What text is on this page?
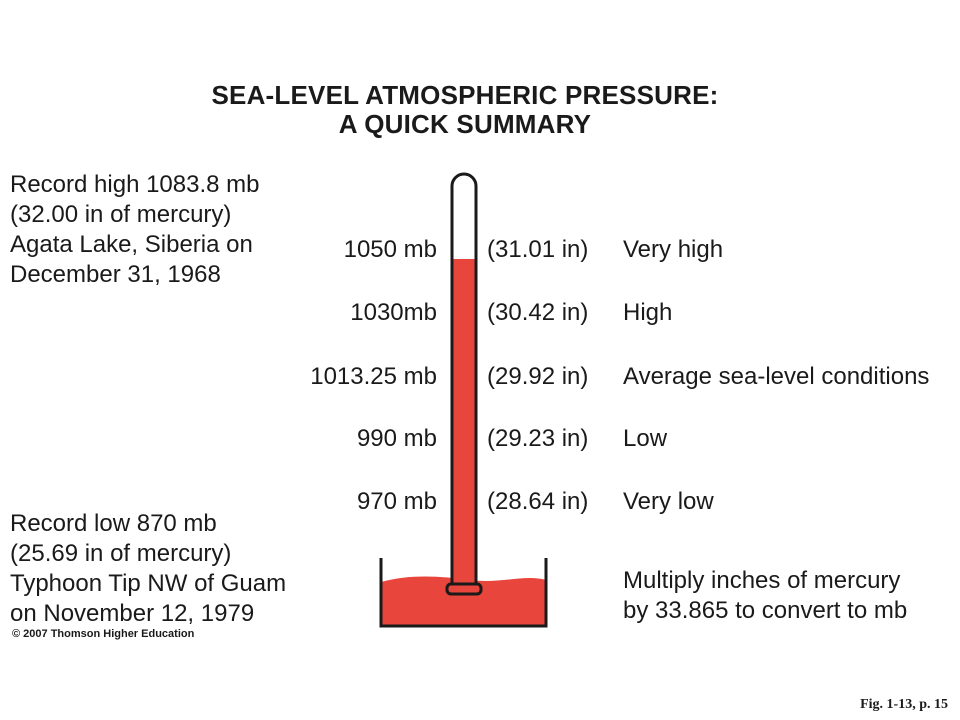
SEA-LEVEL ATMOSPHERIC PRESSURE:
A QUICK SUMMARY
Record high 1083.8 mb
(32.00 in of mercury)
Agata Lake, Siberia on
December 31, 1968
Record low 870 mb
(25.69 in of mercury)
Typhoon Tip NW of Guam
on November 12, 1979
1050 mb (31.01 in) Very high
1030mb (30.42 in) High
1013.25 mb (29.92 in) Average sea-level conditions
990 mb (29.23 in) Low
970 mb (28.64 in) Very low
Multiply inches of mercury
by 33.865 to convert to mb
© 2007 Thomson Higher Education
Fig. 1-13, p. 15
